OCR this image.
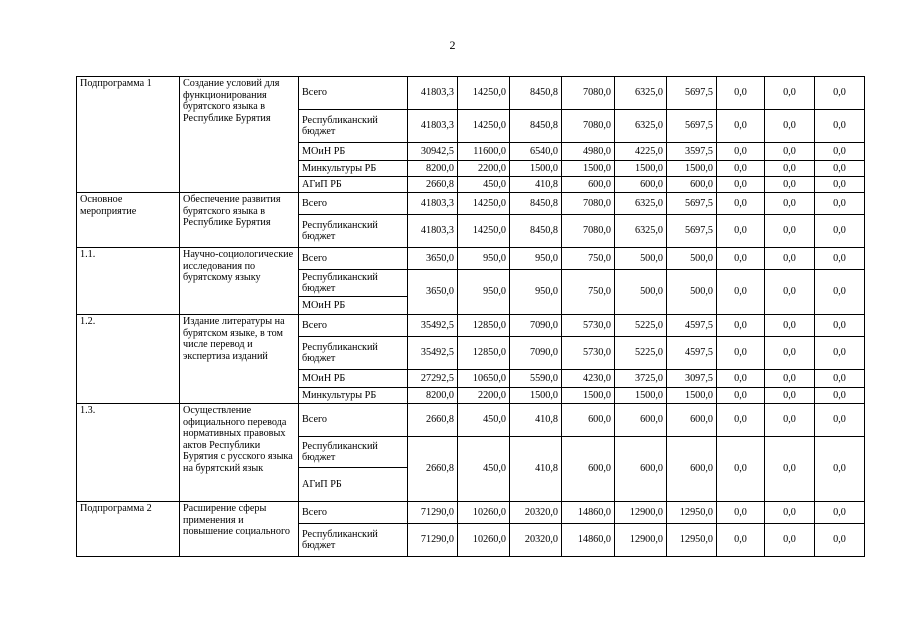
2
Подпрограмма 1	Создание условий для функционирования бурятского языка в Республике Бурятия	Всего	41803,3	14250,0	8450,8	7080,0	6325,0	5697,5	0,0	0,0	0,0
		Республиканский бюджет	41803,3	14250,0	8450,8	7080,0	6325,0	5697,5	0,0	0,0	0,0
		МОиН РБ	30942,5	11600,0	6540,0	4980,0	4225,0	3597,5	0,0	0,0	0,0
		Минкультуры РБ	8200,0	2200,0	1500,0	1500,0	1500,0	1500,0	0,0	0,0	0,0
		АГиП РБ	2660,8	450,0	410,8	600,0	600,0	600,0	0,0	0,0	0,0
Основное мероприятие	Обеспечение развития бурятского языка в Республике Бурятия	Всего	41803,3	14250,0	8450,8	7080,0	6325,0	5697,5	0,0	0,0	0,0
		Республиканский бюджет	41803,3	14250,0	8450,8	7080,0	6325,0	5697,5	0,0	0,0	0,0
1.1.	Научно-социологические исследования по бурятскому языку	Всего	3650,0	950,0	950,0	750,0	500,0	500,0	0,0	0,0	0,0
		Республиканский бюджет	3650,0	950,0	950,0	750,0	500,0	500,0	0,0	0,0	0,0
		МОиН РБ									
1.2.	Издание литературы на бурятском языке, в том числе перевод и экспертиза изданий	Всего	35492,5	12850,0	7090,0	5730,0	5225,0	4597,5	0,0	0,0	0,0
		Республиканский бюджет	35492,5	12850,0	7090,0	5730,0	5225,0	4597,5	0,0	0,0	0,0
		МОиН РБ	27292,5	10650,0	5590,0	4230,0	3725,0	3097,5	0,0	0,0	0,0
		Минкультуры РБ	8200,0	2200,0	1500,0	1500,0	1500,0	1500,0	0,0	0,0	0,0
1.3.	Осуществление официального перевода нормативных правовых актов Республики Бурятия с русского языка на бурятский язык	Всего	2660,8	450,0	410,8	600,0	600,0	600,0	0,0	0,0	0,0
		Республиканский бюджет	2660,8	450,0	410,8	600,0	600,0	600,0	0,0	0,0	0,0
		АГиП РБ									
Подпрограмма 2	Расширение сферы применения и повышение социального	Всего	71290,0	10260,0	20320,0	14860,0	12900,0	12950,0	0,0	0,0	0,0
		Республиканский бюджет	71290,0	10260,0	20320,0	14860,0	12900,0	12950,0	0,0	0,0	0,0
